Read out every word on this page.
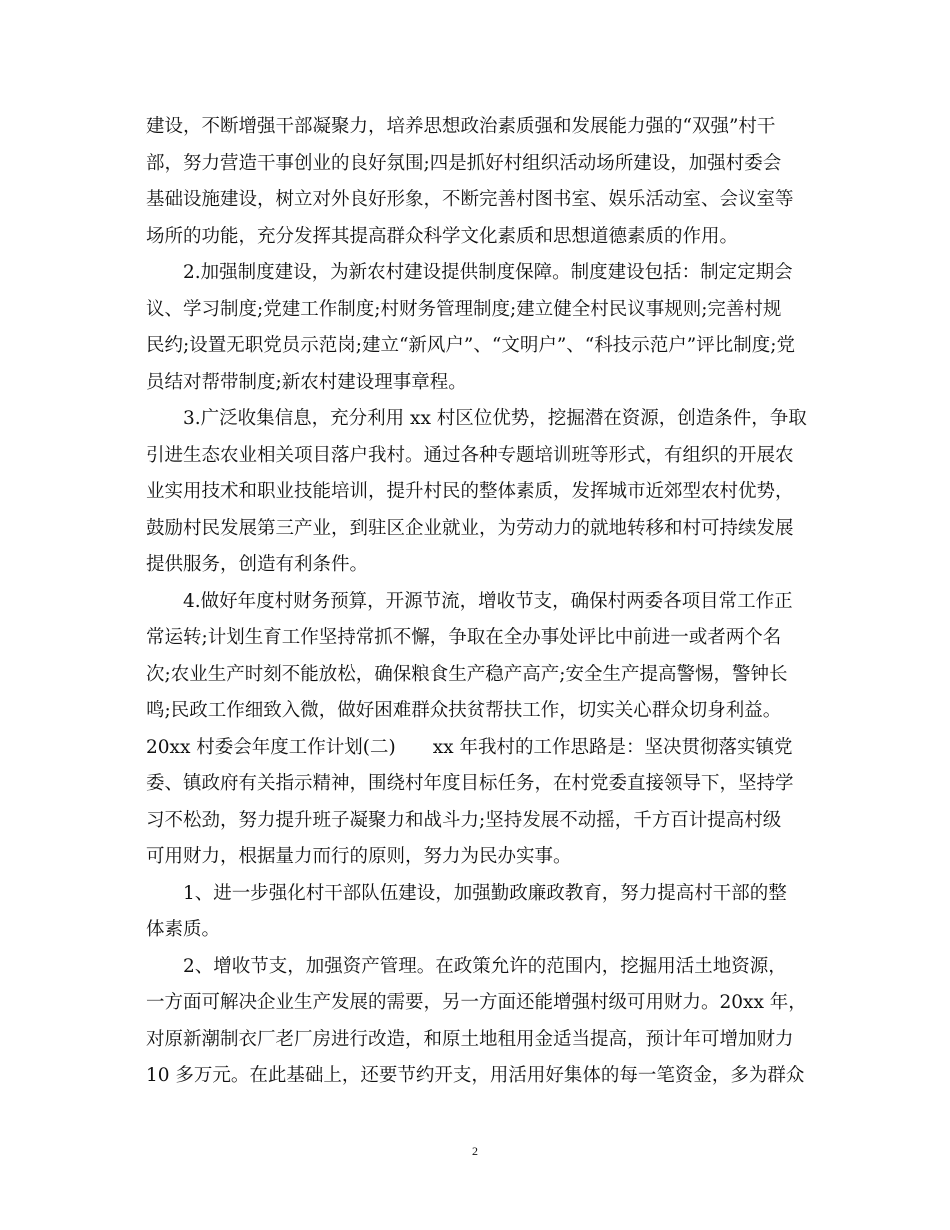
建设，不断增强干部凝聚力，培养思想政治素质强和发展能力强的“双强”村干

部，努力营造干事创业的良好氛围;四是抓好村组织活动场所建设，加强村委会

基础设施建设，树立对外良好形象，不断完善村图书室、娱乐活动室、会议室等

场所的功能，充分发挥其提高群众科学文化素质和思想道德素质的作用。

2.加强制度建设，为新农村建设提供制度保障。制度建设包括：制定定期会

议、学习制度;党建工作制度;村财务管理制度;建立健全村民议事规则;完善村规

民约;设置无职党员示范岗;建立“新风户”、“文明户”、“科技示范户”评比制度;党

员结对帮带制度;新农村建设理事章程。

3.广泛收集信息，充分利用 xx 村区位优势，挖掘潜在资源，创造条件，争取

引进生态农业相关项目落户我村。通过各种专题培训班等形式，有组织的开展农

业实用技术和职业技能培训，提升村民的整体素质，发挥城市近郊型农村优势，

鼓励村民发展第三产业，到驻区企业就业，为劳动力的就地转移和村可持续发展

提供服务，创造有利条件。

4.做好年度村财务预算，开源节流，增收节支，确保村两委各项目常工作正

常运转;计划生育工作坚持常抓不懈，争取在全办事处评比中前进一或者两个名

次;农业生产时刻不能放松，确保粮食生产稳产高产;安全生产提高警惕，警钟长

鸣;民政工作细致入微，做好困难群众扶贫帮扶工作，切实关心群众切身利益。

20xx 村委会年度工作计划(二)　　xx 年我村的工作思路是：坚决贯彻落实镇党

委、镇政府有关指示精神，围绕村年度目标任务，在村党委直接领导下，坚持学

习不松劲，努力提升班子凝聚力和战斗力;坚持发展不动摇，千方百计提高村级

可用财力，根据量力而行的原则，努力为民办实事。

1、进一步强化村干部队伍建设，加强勤政廉政教育，努力提高村干部的整

体素质。

2、增收节支，加强资产管理。在政策允许的范围内，挖掘用活土地资源，

一方面可解决企业生产发展的需要，另一方面还能增强村级可用财力。20xx 年，

对原新潮制衣厂老厂房进行改造，和原土地租用金适当提高，预计年可增加财力

10 多万元。在此基础上，还要节约开支，用活用好集体的每一笔资金，多为群众

2
